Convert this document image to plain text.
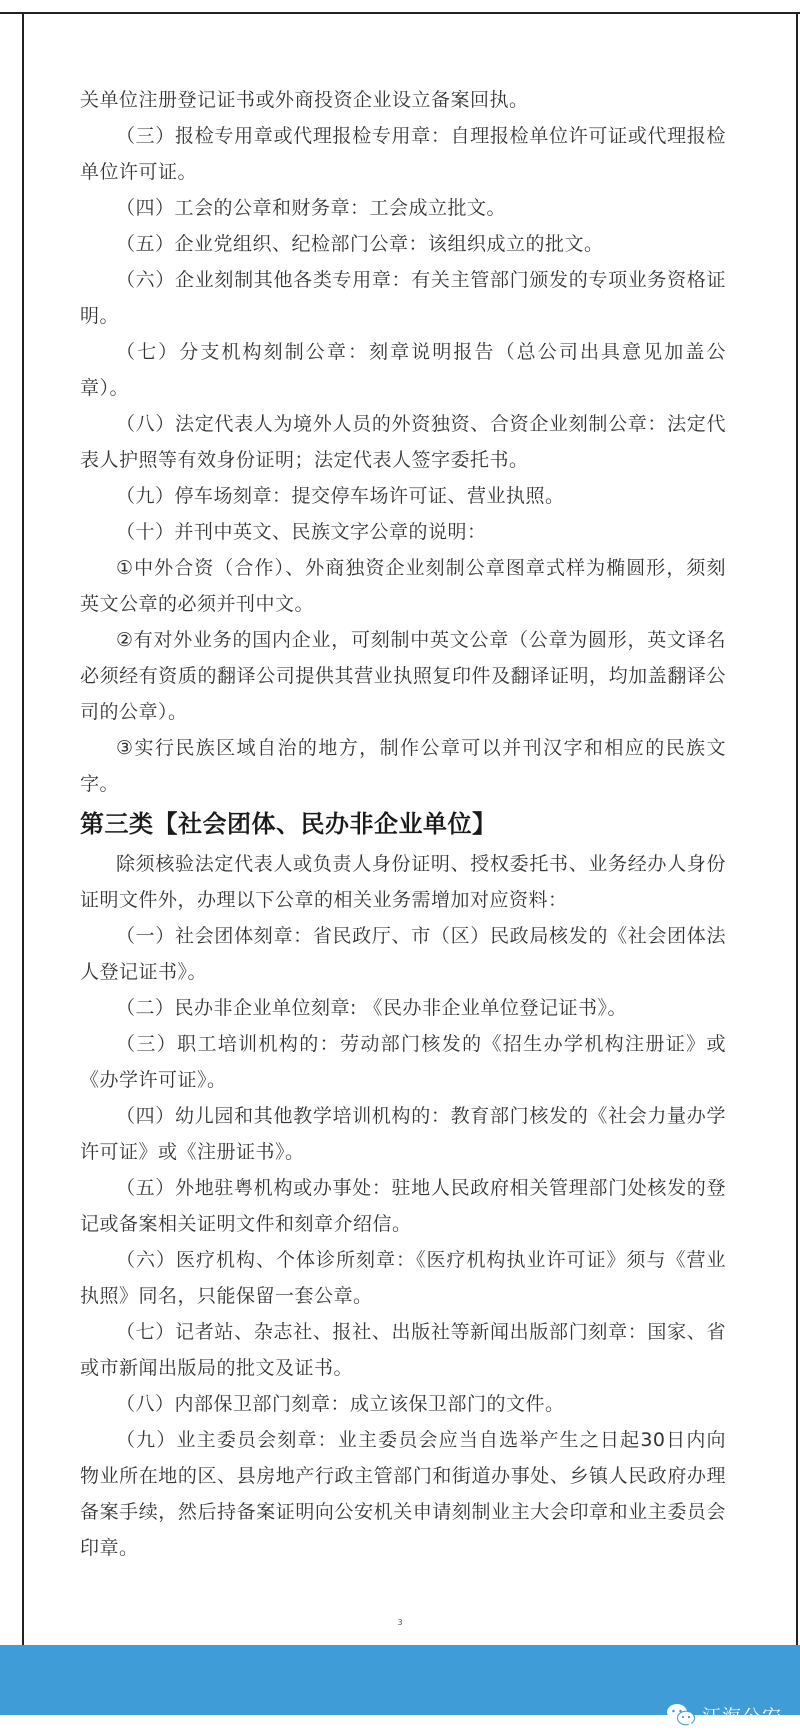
关单位注册登记证书或外商投资企业设立备案回执。

（三）报检专用章或代理报检专用章：自理报检单位许可证或代理报检单位许可证。

（四）工会的公章和财务章：工会成立批文。

（五）企业党组织、纪检部门公章：该组织成立的批文。

（六）企业刻制其他各类专用章：有关主管部门颁发的专项业务资格证明。

（七）分支机构刻制公章：刻章说明报告（总公司出具意见加盖公章）。

（八）法定代表人为境外人员的外资独资、合资企业刻制公章：法定代表人护照等有效身份证明；法定代表人签字委托书。

（九）停车场刻章：提交停车场许可证、营业执照。

（十）并刊中英文、民族文字公章的说明：

①中外合资（合作）、外商独资企业刻制公章图章式样为椭圆形，须刻英文公章的必须并刊中文。

②有对外业务的国内企业，可刻制中英文公章（公章为圆形，英文译名必须经有资质的翻译公司提供其营业执照复印件及翻译证明，均加盖翻译公司的公章）。

③实行民族区域自治的地方，制作公章可以并刊汉字和相应的民族文字。

第三类【社会团体、民办非企业单位】

除须核验法定代表人或负责人身份证明、授权委托书、业务经办人身份证明文件外，办理以下公章的相关业务需增加对应资料：

（一）社会团体刻章：省民政厅、市（区）民政局核发的《社会团体法人登记证书》。

（二）民办非企业单位刻章: 《民办非企业单位登记证书》。

（三）职工培训机构的：劳动部门核发的《招生办学机构注册证》或《办学许可证》。

（四）幼儿园和其他教学培训机构的：教育部门核发的《社会力量办学许可证》或《注册证书》。

（五）外地驻粤机构或办事处：驻地人民政府相关管理部门处核发的登记或备案相关证明文件和刻章介绍信。

（六）医疗机构、个体诊所刻章：《医疗机构执业许可证》须与《营业执照》同名，只能保留一套公章。

（七）记者站、杂志社、报社、出版社等新闻出版部门刻章：国家、省或市新闻出版局的批文及证书。

（八）内部保卫部门刻章：成立该保卫部门的文件。

（九）业主委员会刻章：业主委员会应当自选举产生之日起30日内向物业所在地的区、县房地产行政主管部门和街道办事处、乡镇人民政府办理备案手续，然后持备案证明向公安机关申请刻制业主大会印章和业主委员会印章。

3
江海公安
